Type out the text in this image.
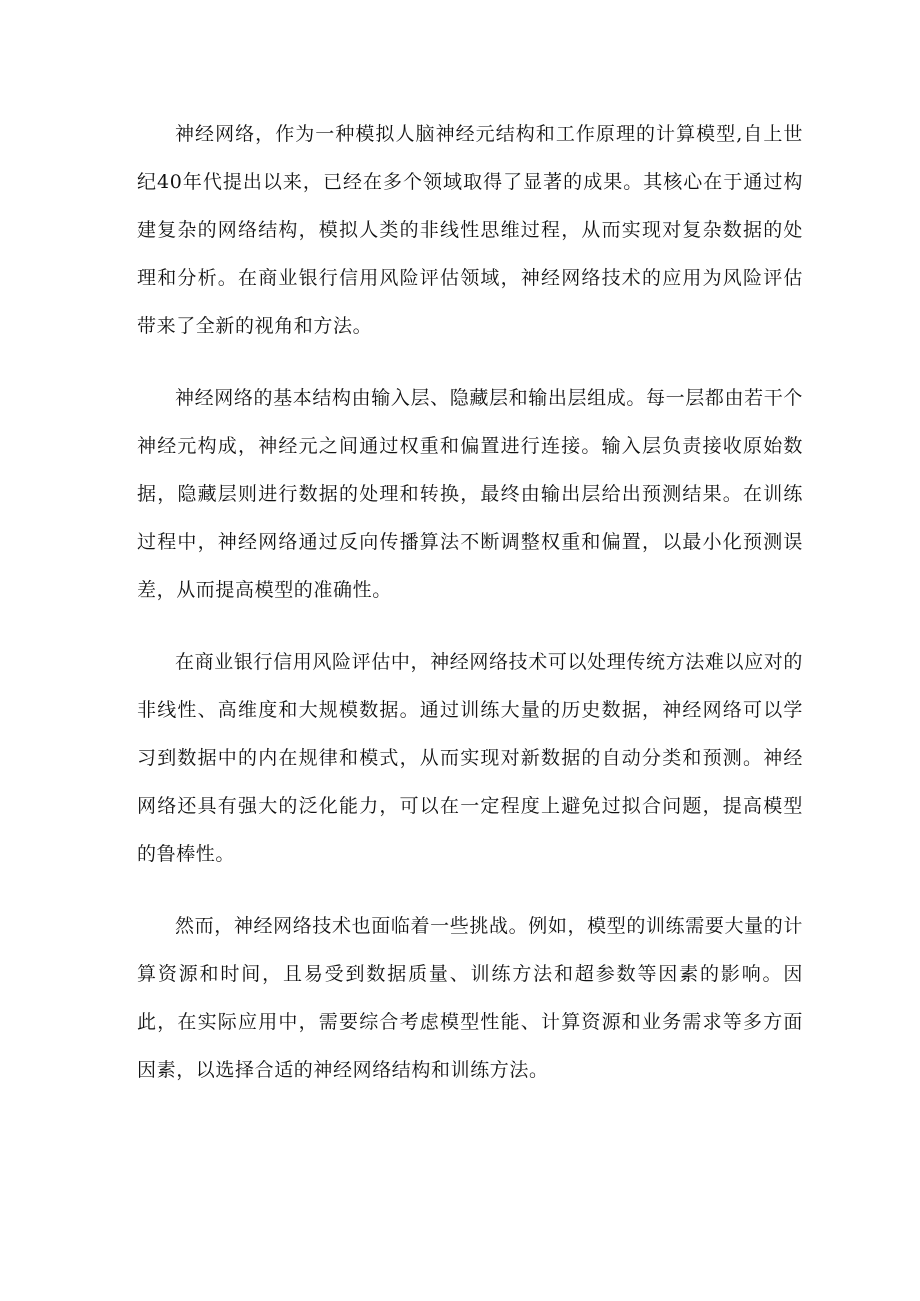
神经网络，作为一种模拟人脑神经元结构和工作原理的计算模型,自上世纪40年代提出以来，已经在多个领域取得了显著的成果。其核心在于通过构建复杂的网络结构，模拟人类的非线性思维过程，从而实现对复杂数据的处理和分析。在商业银行信用风险评估领域，神经网络技术的应用为风险评估带来了全新的视角和方法。

神经网络的基本结构由输入层、隐藏层和输出层组成。每一层都由若干个神经元构成，神经元之间通过权重和偏置进行连接。输入层负责接收原始数据，隐藏层则进行数据的处理和转换，最终由输出层给出预测结果。在训练过程中，神经网络通过反向传播算法不断调整权重和偏置，以最小化预测误差，从而提高模型的准确性。

在商业银行信用风险评估中，神经网络技术可以处理传统方法难以应对的非线性、高维度和大规模数据。通过训练大量的历史数据，神经网络可以学习到数据中的内在规律和模式，从而实现对新数据的自动分类和预测。神经网络还具有强大的泛化能力，可以在一定程度上避免过拟合问题，提高模型的鲁棒性。

然而，神经网络技术也面临着一些挑战。例如，模型的训练需要大量的计算资源和时间，且易受到数据质量、训练方法和超参数等因素的影响。因此，在实际应用中，需要综合考虑模型性能、计算资源和业务需求等多方面因素，以选择合适的神经网络结构和训练方法。
